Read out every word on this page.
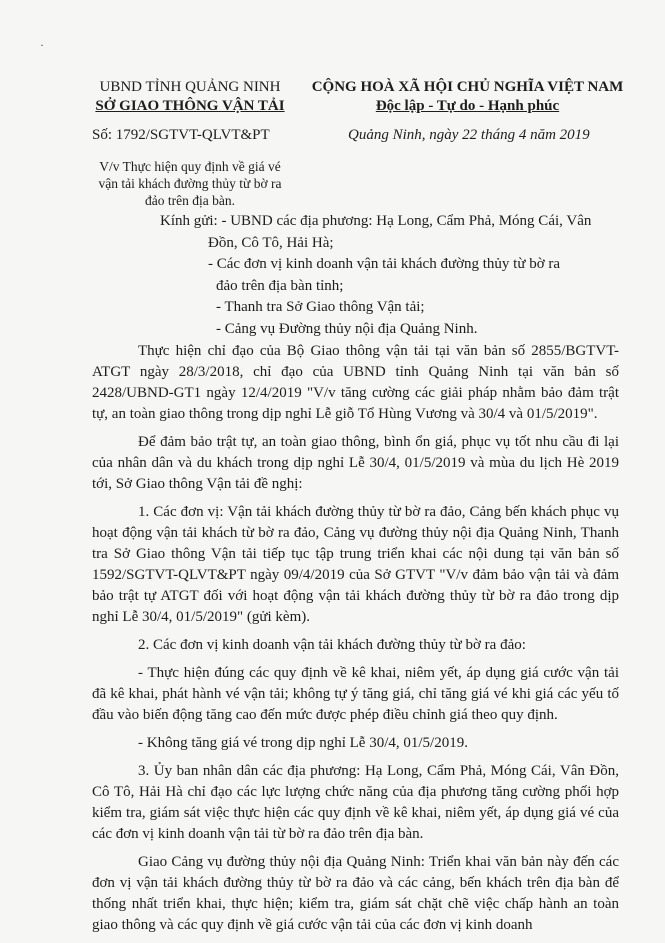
·
UBND TỈNH QUẢNG NINH
SỞ GIAO THÔNG VẬN TẢI
CỘNG HOÀ XÃ HỘI CHỦ NGHĨA VIỆT NAM
Độc lập - Tự do - Hạnh phúc
Số: 1792/SGTVT-QLVT&PT	Quảng Ninh, ngày 22 tháng 4 năm 2019
V/v Thực hiện quy định về giá vé
vận tải khách đường thủy từ bờ ra
đảo trên địa bàn.
Kính gửi: - UBND các địa phương: Hạ Long, Cẩm Phả, Móng Cái, Vân
Đồn, Cô Tô, Hải Hà;
- Các đơn vị kinh doanh vận tải khách đường thủy từ bờ ra
đảo trên địa bàn tỉnh;
- Thanh tra Sở Giao thông Vận tải;
- Cảng vụ Đường thủy nội địa Quảng Ninh.

Thực hiện chỉ đạo của Bộ Giao thông vận tải tại văn bản số 2855/BGTVT-ATGT ngày 28/3/2018, chỉ đạo của UBND tỉnh Quảng Ninh tại văn bản số 2428/UBND-GT1 ngày 12/4/2019 "V/v tăng cường các giải pháp nhằm bảo đảm trật tự, an toàn giao thông trong dịp nghỉ Lễ giỗ Tổ Hùng Vương và 30/4 và 01/5/2019".

Để đảm bảo trật tự, an toàn giao thông, bình ổn giá, phục vụ tốt nhu cầu đi lại của nhân dân và du khách trong dịp nghỉ Lễ 30/4, 01/5/2019 và mùa du lịch Hè 2019 tới, Sở Giao thông Vận tải đề nghị:

1. Các đơn vị: Vận tải khách đường thủy từ bờ ra đảo, Cảng bến khách phục vụ hoạt động vận tải khách từ bờ ra đảo, Cảng vụ đường thủy nội địa Quảng Ninh, Thanh tra Sở Giao thông Vận tải tiếp tục tập trung triển khai các nội dung tại văn bản số 1592/SGTVT-QLVT&PT ngày 09/4/2019 của Sở GTVT "V/v đảm bảo vận tải và đảm bảo trật tự ATGT đối với hoạt động vận tải khách đường thủy từ bờ ra đảo trong dịp nghỉ Lễ 30/4, 01/5/2019" (gửi kèm).

2. Các đơn vị kinh doanh vận tải khách đường thủy từ bờ ra đảo:

- Thực hiện đúng các quy định về kê khai, niêm yết, áp dụng giá cước vận tải đã kê khai, phát hành vé vận tải; không tự ý tăng giá, chỉ tăng giá vé khi giá các yếu tố đầu vào biến động tăng cao đến mức được phép điều chỉnh giá theo quy định.

- Không tăng giá vé trong dịp nghỉ Lễ 30/4, 01/5/2019.

3. Ủy ban nhân dân các địa phương: Hạ Long, Cẩm Phả, Móng Cái, Vân Đồn, Cô Tô, Hải Hà chỉ đạo các lực lượng chức năng của địa phương tăng cường phối hợp kiểm tra, giám sát việc thực hiện các quy định về kê khai, niêm yết, áp dụng giá vé của các đơn vị kinh doanh vận tải từ bờ ra đảo trên địa bàn.

Giao Cảng vụ đường thủy nội địa Quảng Ninh: Triển khai văn bản này đến các đơn vị vận tải khách đường thủy từ bờ ra đảo và các cảng, bến khách trên địa bàn để thống nhất triển khai, thực hiện; kiểm tra, giám sát chặt chẽ việc chấp hành an toàn giao thông và các quy định về giá cước vận tải của các đơn vị kinh doanh
